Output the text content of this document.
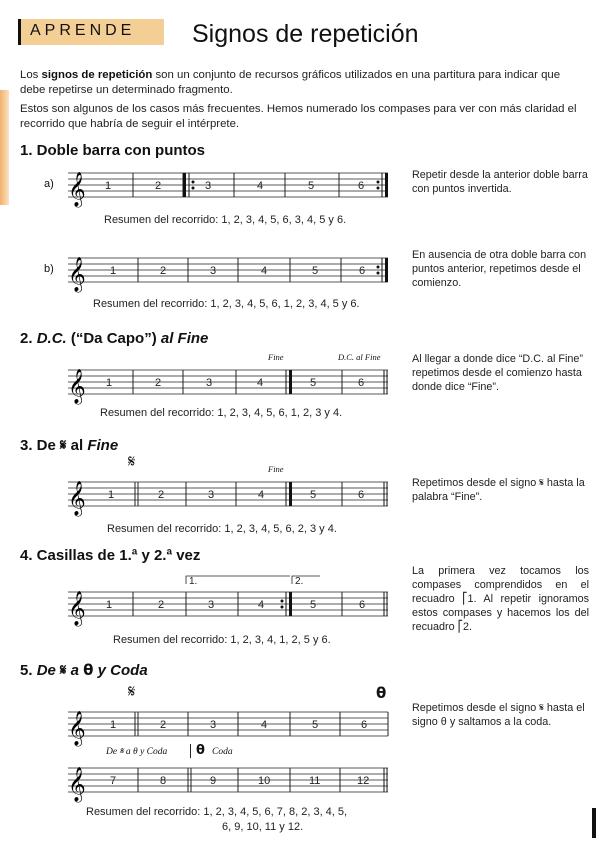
APRENDE Signos de repetición
Los signos de repetición son un conjunto de recursos gráficos utilizados en una partitura para indicar que debe repetirse un determinado fragmento.
Estos son algunos de los casos más frecuentes. Hemos numerado los compases para ver con más claridad el recorrido que habría de seguir el intérprete.
1. Doble barra con puntos
a) 𝄞 1	2	3	4	5	6
Resumen del recorrido: 1, 2, 3, 4, 5, 6, 3, 4, 5 y 6.
Repetir desde la anterior doble barra con puntos invertida.
b) 𝄞 1	2	3	4	5	6
Resumen del recorrido: 1, 2, 3, 4, 5, 6, 1, 2, 3, 4, 5 y 6.
En ausencia de otra doble barra con puntos anterior, repetimos desde el comienzo.
2. D.C. (“Da Capo”) al Fine
Fine	D.C. al Fine
𝄞 1	2	3	4	5	6
Resumen del recorrido: 1, 2, 3, 4, 5, 6, 1, 2, 3 y 4.
Al llegar a donde dice “D.C. al Fine” repetimos desde el comienzo hasta donde dice “Fine”.
3. De 𝄋 al Fine
𝄋	Fine
𝄞 1	2	3	4	5	6
Resumen del recorrido: 1, 2, 3, 4, 5, 6, 2, 3 y 4.
Repetimos desde el signo 𝄋 hasta la palabra “Fine”.
4. Casillas de 1.ª y 2.ª vez
1.	2.
𝄞 1	2	3	4	5	6
Resumen del recorrido: 1, 2, 3, 4, 1, 2, 5 y 6.
La primera vez tocamos los compases comprendidos en el recuadro ⎡1. Al repetir ignoramos estos compases y hacemos los del recuadro ⎡2.
5. De 𝄋 a θ y Coda
𝄋	θ
𝄞 1	2	3	4	5	6
De 𝄋 a θ y Coda θ Coda
𝄞 7	8	9	10	11	12
Resumen del recorrido: 1, 2, 3, 4, 5, 6, 7, 8, 2, 3, 4, 5,
6, 9, 10, 11 y 12.
Repetimos desde el signo 𝄋 hasta el signo θ y saltamos a la coda.
